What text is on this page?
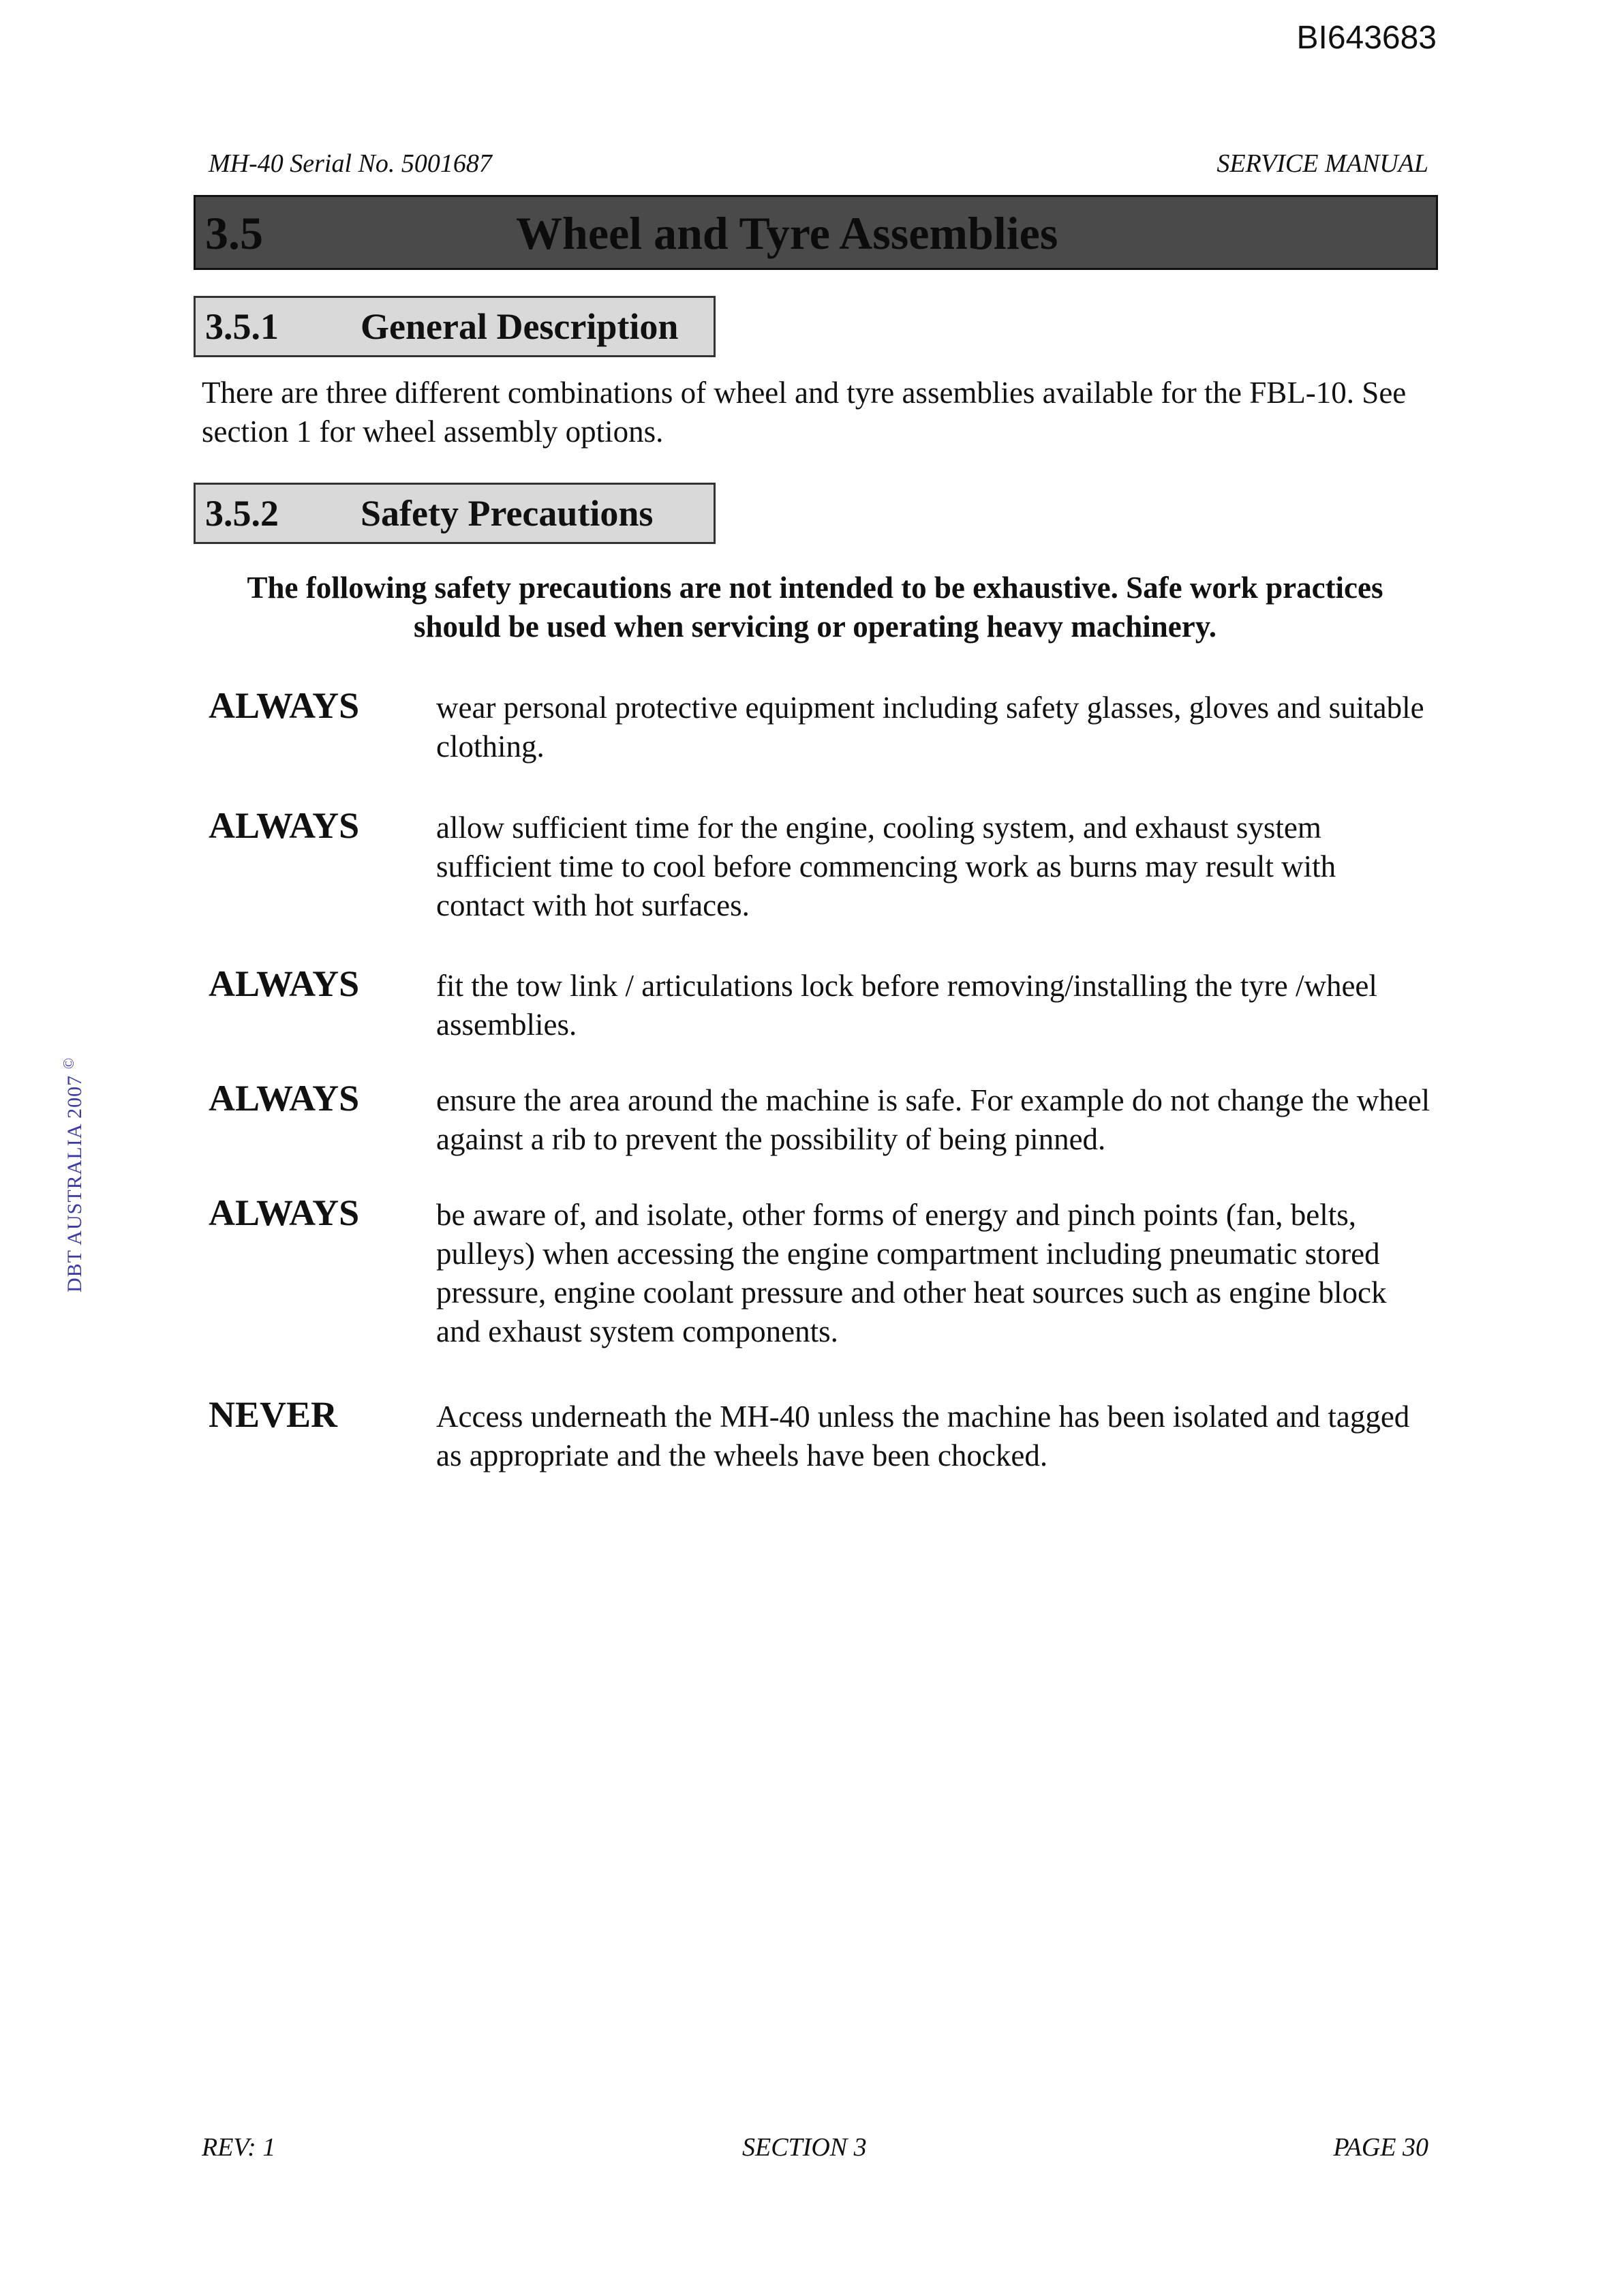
BI643683
MH-40 Serial No. 5001687	SERVICE MANUAL
3.5	Wheel and Tyre Assemblies
3.5.1 General Description
There are three different combinations of wheel and tyre assemblies available for the FBL-10. See section 1 for wheel assembly options.
3.5.2 Safety Precautions
The following safety precautions are not intended to be exhaustive. Safe work practices should be used when servicing or operating heavy machinery.
ALWAYS	wear personal protective equipment including safety glasses, gloves and suitable clothing.
ALWAYS	allow sufficient time for the engine, cooling system, and exhaust system sufficient time to cool before commencing work as burns may result with contact with hot surfaces.
ALWAYS	fit the tow link / articulations lock before removing/installing the tyre /wheel assemblies.
ALWAYS	ensure the area around the machine is safe. For example do not change the wheel against a rib to prevent the possibility of being pinned.
ALWAYS	be aware of, and isolate, other forms of energy and pinch points (fan, belts, pulleys) when accessing the engine compartment including pneumatic stored pressure, engine coolant pressure and other heat sources such as engine block and exhaust system components.
NEVER	Access underneath the MH-40 unless the machine has been isolated and tagged as appropriate and the wheels have been chocked.
DBT AUSTRALIA 2007 ©
REV: 1	SECTION 3	PAGE 30
